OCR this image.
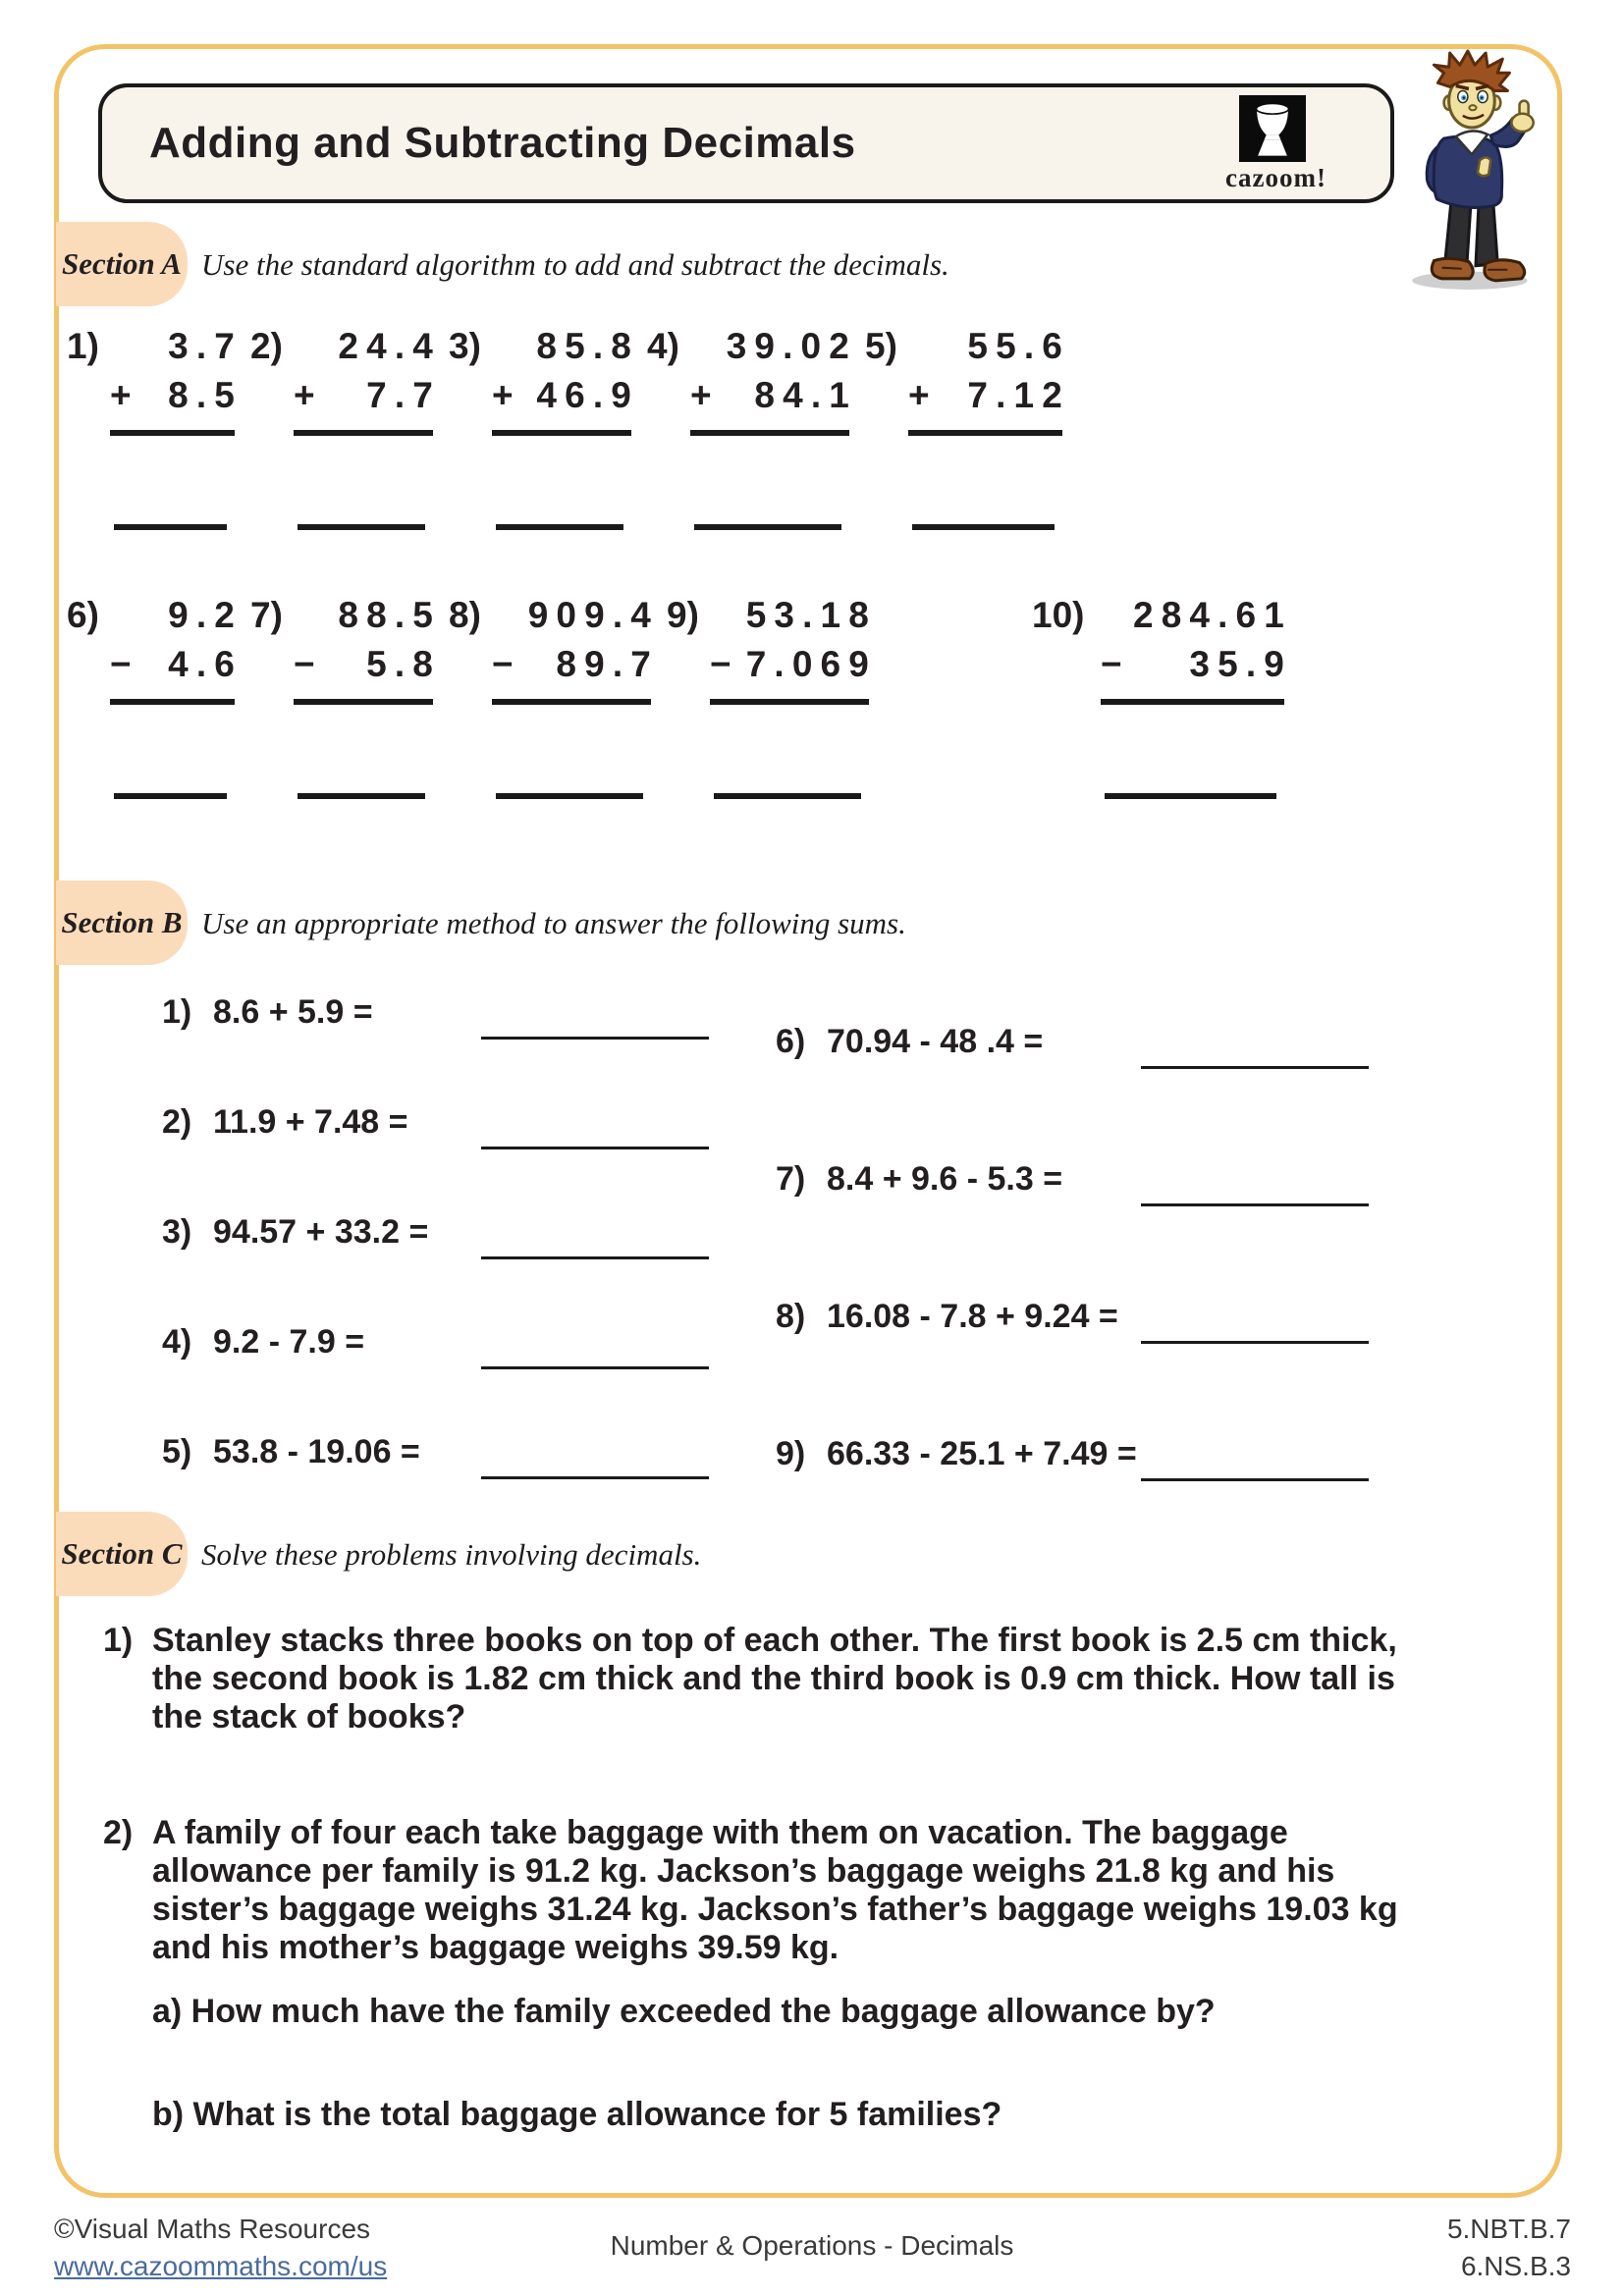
Adding and Subtracting Decimals
cazoom!
Section A Use the standard algorithm to add and subtract the decimals.
1)	3.7
+ 8.5
2)	24.4
+ 7.7
3)	85.8
+ 46.9
4)	39.02
+ 84.1
5)	55.6
+ 7.12
6)	9.2
− 4.6
7)	88.5
− 5.8
8)	909.4
− 89.7
9)	53.18
− 7.069
10)	284.61
− 35.9
Section B Use an appropriate method to answer the following sums.
1) 8.6 + 5.9 =
2) 11.9 + 7.48 =
3) 94.57 + 33.2 =
4) 9.2 - 7.9 =
5) 53.8 - 19.06 =
6) 70.94 - 48 .4 =
7) 8.4 + 9.6 - 5.3 =
8) 16.08 - 7.8 + 9.24 =
9) 66.33 - 25.1 + 7.49 =
Section C Solve these problems involving decimals.
1) Stanley stacks three books on top of each other. The first book is 2.5 cm thick,
the second book is 1.82 cm thick and the third book is 0.9 cm thick. How tall is
the stack of books?
2) A family of four each take baggage with them on vacation. The baggage
allowance per family is 91.2 kg. Jackson’s baggage weighs 21.8 kg and his
sister’s baggage weighs 31.24 kg. Jackson’s father’s baggage weighs 19.03 kg
and his mother’s baggage weighs 39.59 kg.
a) How much have the family exceeded the baggage allowance by?
b) What is the total baggage allowance for 5 families?
©Visual Maths Resources
www.cazoommaths.com/us
Number & Operations - Decimals
5.NBT.B.7
6.NS.B.3
